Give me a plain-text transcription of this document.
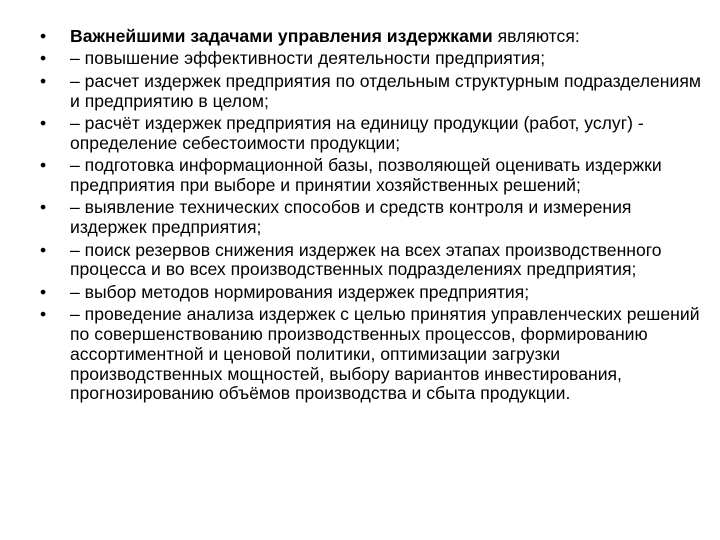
•	Важнейшими задачами управления издержками являются:
•	– повышение эффективности деятельности предприятия;
•	– расчет издержек предприятия по отдельным структурным подразделениям и предприятию в целом;
•	– расчёт издержек предприятия на единицу продукции (работ, услуг) - определение себестоимости продукции;
•	– подготовка информационной базы, позволяющей оценивать издержки предприятия при выборе и принятии хозяйственных решений;
•	– выявление технических способов и средств контроля и измерения издержек предприятия;
•	– поиск резервов снижения издержек на всех этапах производственного процесса и во всех производственных подразделениях предприятия;
•	– выбор методов нормирования издержек предприятия;
•	– проведение анализа издержек с целью принятия управленческих решений по совершенствованию производственных процессов, формированию ассортиментной и ценовой политики, оптимизации загрузки производственных мощностей, выбору вариантов инвестирования, прогнозированию объёмов производства и сбыта продукции.
